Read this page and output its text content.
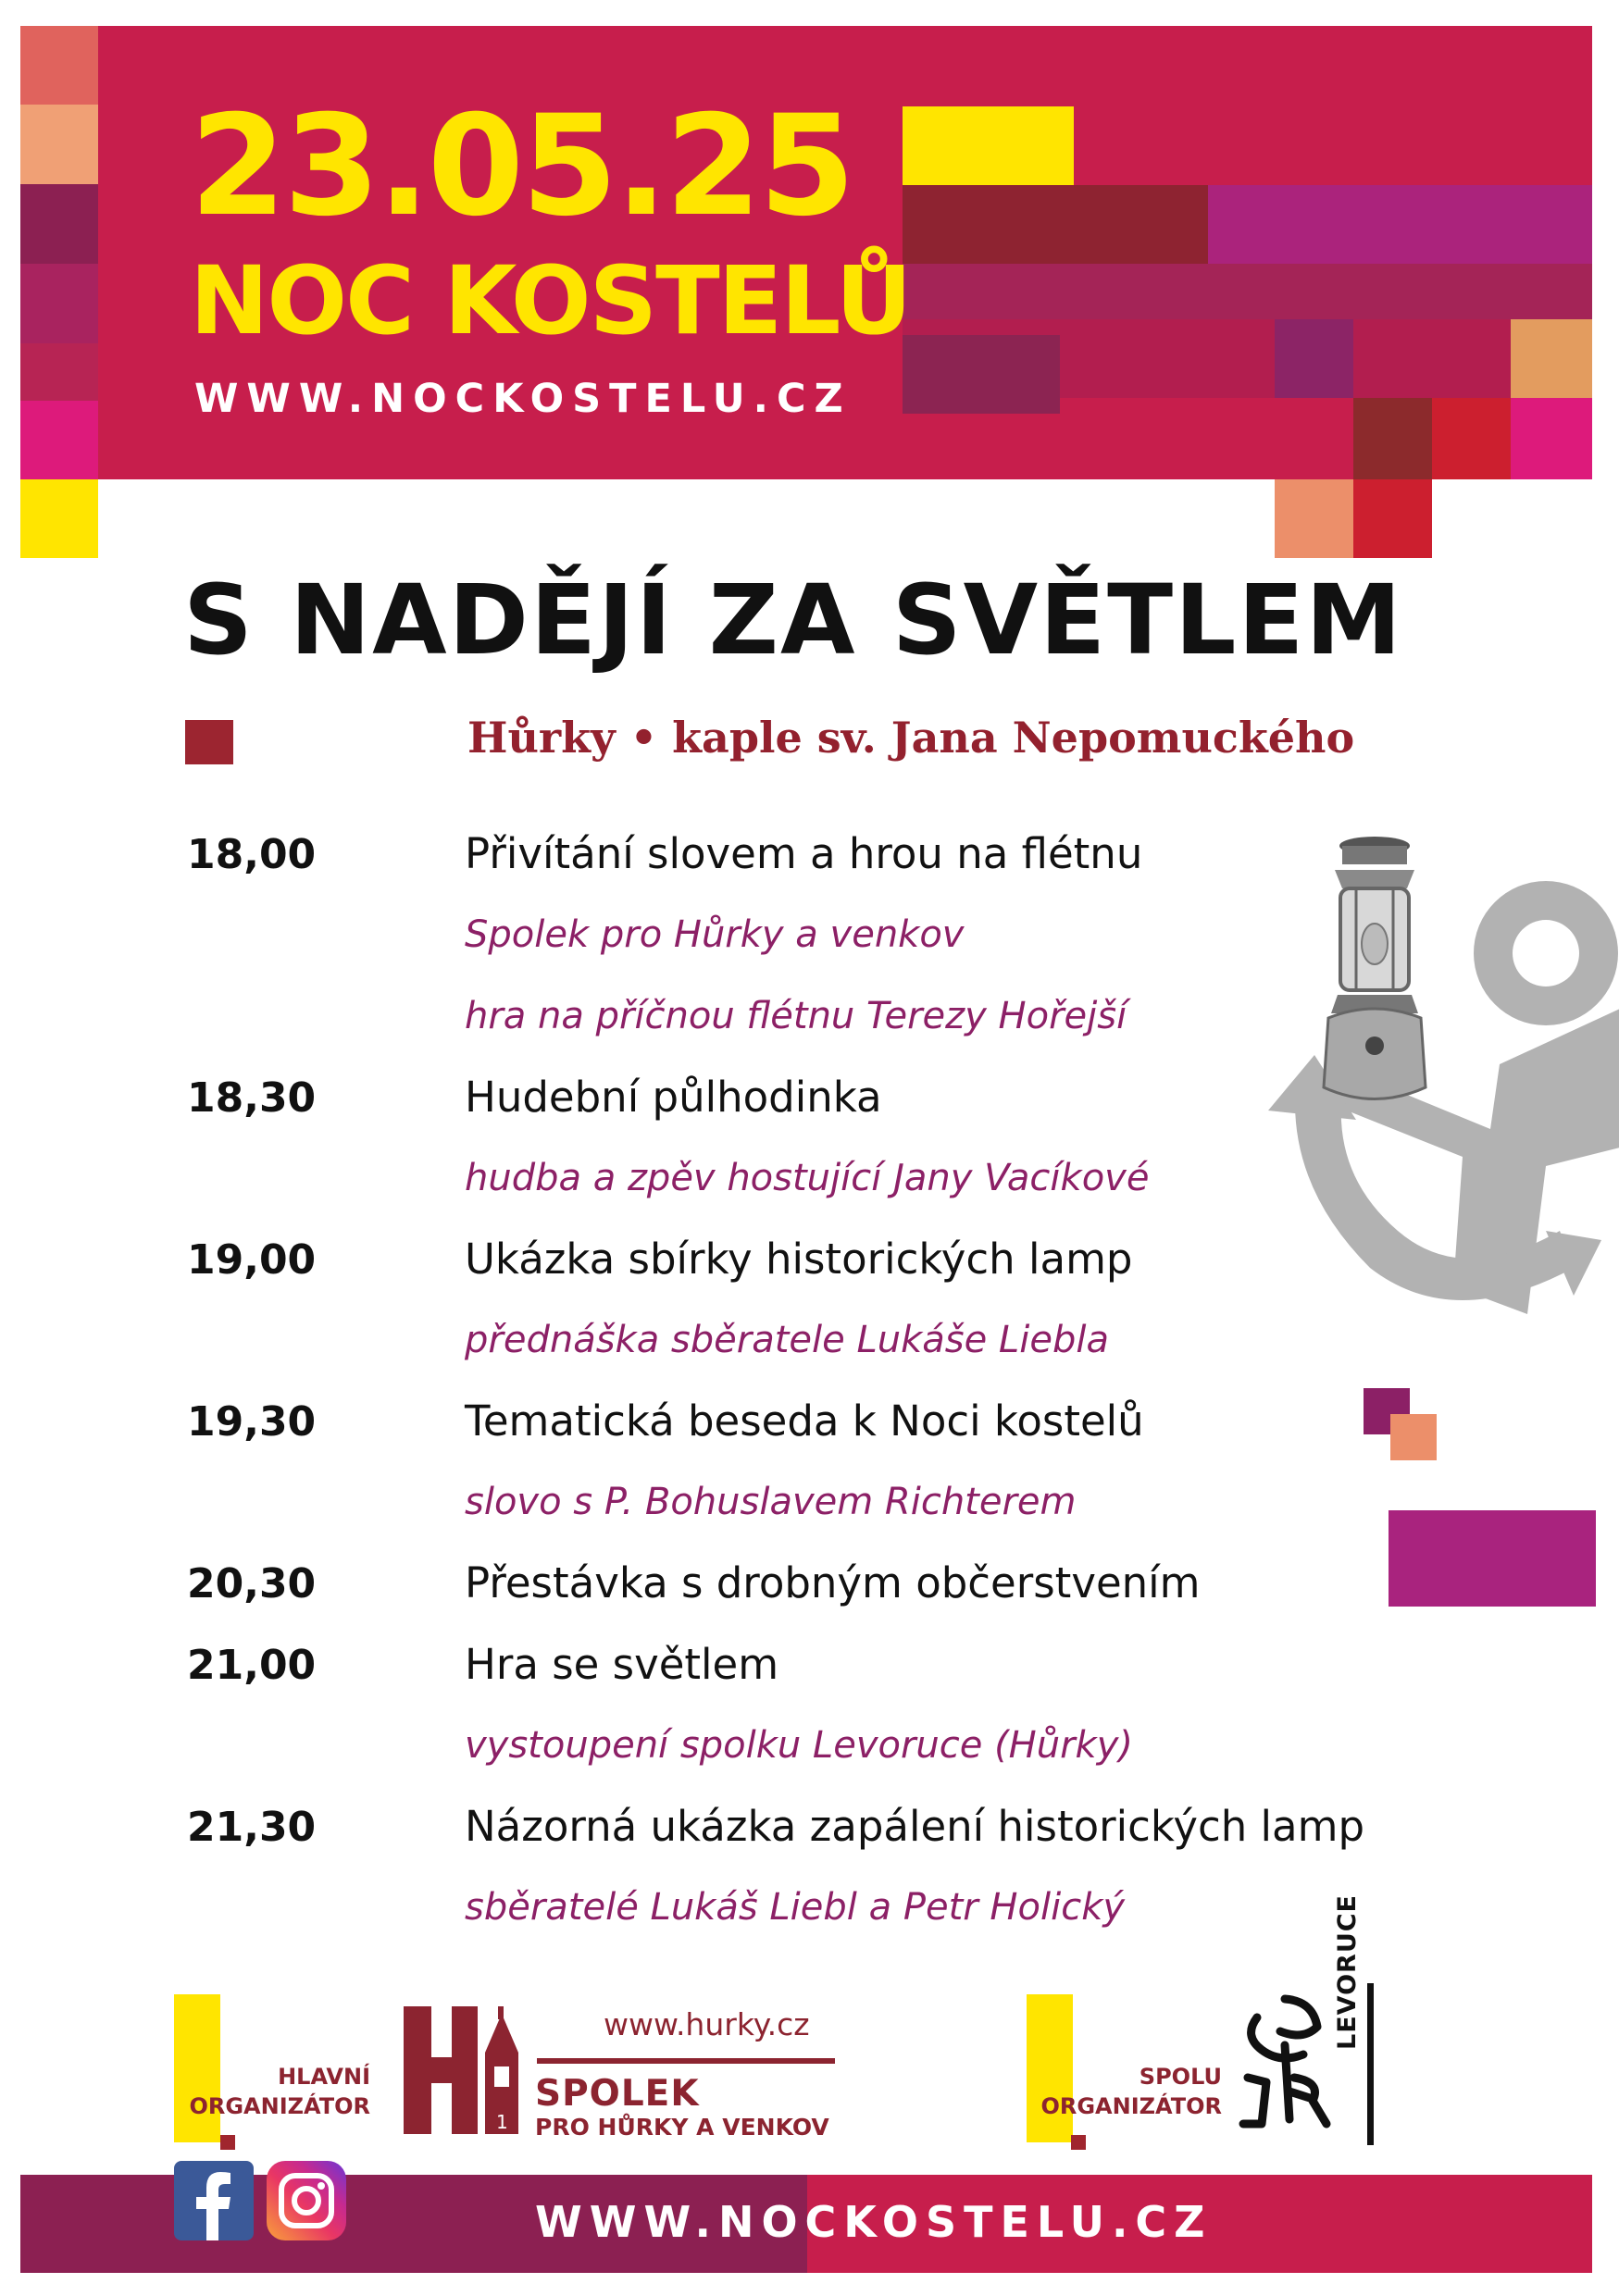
23.05.25
NOC KOSTELŮ
WWW.NOCKOSTELU.CZ
S NADĚJÍ ZA SVĚTLEM
Hůrky • kaple sv. Jana Nepomuckého
18,00	Přivítání slovem a hrou na flétnu
Spolek pro Hůrky a venkov
hra na příčnou flétnu Terezy Hořejší
18,30	Hudební půlhodinka
hudba a zpěv hostující Jany Vacíkové
19,00	Ukázka sbírky historických lamp
přednáška sběratele Lukáše Liebla
19,30	Tematická beseda k Noci kostelů
slovo s P. Bohuslavem Richterem
20,30	Přestávka s drobným občerstvením
21,00	Hra se světlem
vystoupení spolku Levoruce (Hůrky)
21,30	Názorná ukázka zapálení historických lamp
sběratelé Lukáš Liebl a Petr Holický
HLAVNÍ
ORGANIZÁTOR
1
www.hurky.cz
SPOLEK
PRO HŮRKY A VENKOV
SPOLU
ORGANIZÁTOR
LEVORUCE
WWW.NOCKOSTELU.CZ
